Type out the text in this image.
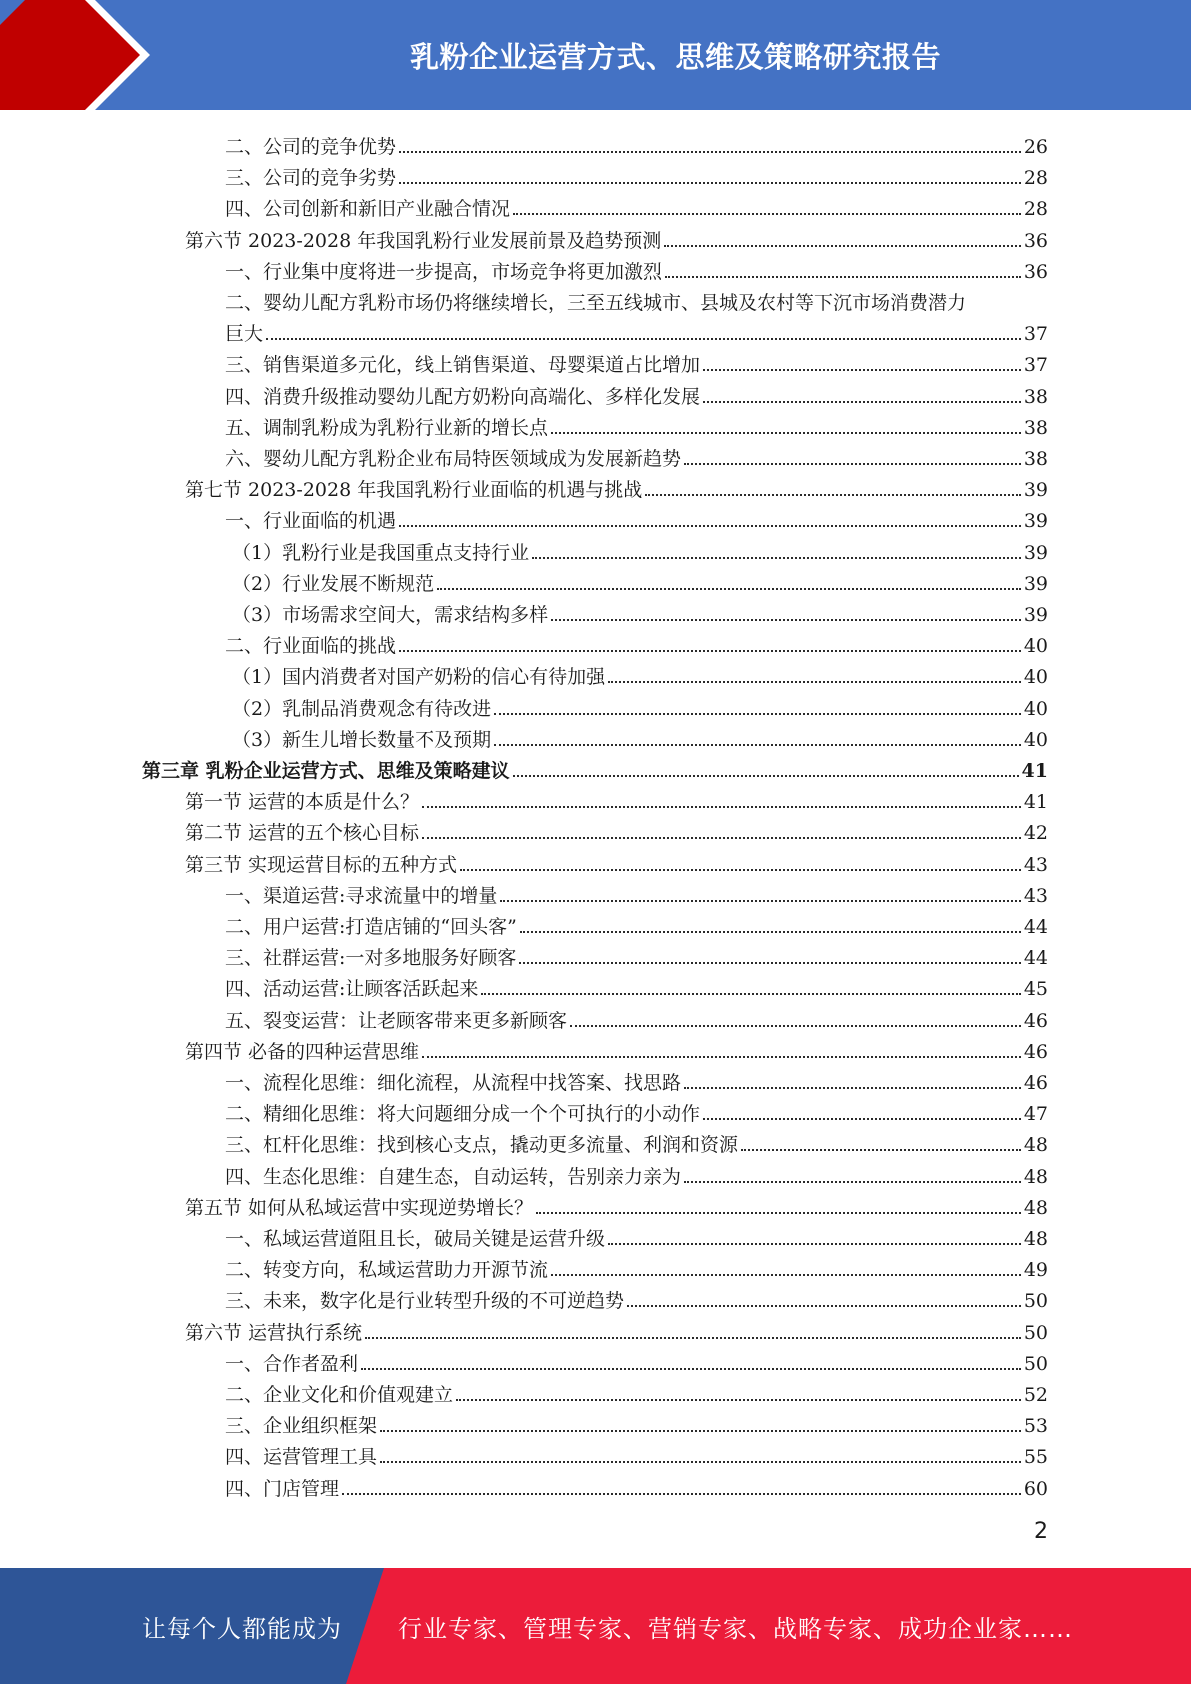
乳粉企业运营方式、思维及策略研究报告
二、公司的竞争优势	26
三、公司的竞争劣势	28
四、公司创新和新旧产业融合情况	28
第六节 2023-2028 年我国乳粉行业发展前景及趋势预测	36
一、行业集中度将进一步提高，市场竞争将更加激烈	36
二、婴幼儿配方乳粉市场仍将继续增长，三至五线城市、县城及农村等下沉市场消费潜力
巨大	37
三、销售渠道多元化，线上销售渠道、母婴渠道占比增加	37
四、消费升级推动婴幼儿配方奶粉向高端化、多样化发展	38
五、调制乳粉成为乳粉行业新的增长点	38
六、婴幼儿配方乳粉企业布局特医领域成为发展新趋势	38
第七节 2023-2028 年我国乳粉行业面临的机遇与挑战	39
一、行业面临的机遇	39
（1）乳粉行业是我国重点支持行业	39
（2）行业发展不断规范	39
（3）市场需求空间大，需求结构多样	39
二、行业面临的挑战	40
（1）国内消费者对国产奶粉的信心有待加强	40
（2）乳制品消费观念有待改进	40
（3）新生儿增长数量不及预期	40
第三章 乳粉企业运营方式、思维及策略建议	41
第一节 运营的本质是什么？	41
第二节 运营的五个核心目标	42
第三节 实现运营目标的五种方式	43
一、渠道运营:寻求流量中的增量	43
二、用户运营:打造店铺的“回头客”	44
三、社群运营:一对多地服务好顾客	44
四、活动运营:让顾客活跃起来	45
五、裂变运营：让老顾客带来更多新顾客	46
第四节 必备的四种运营思维	46
一、流程化思维：细化流程，从流程中找答案、找思路	46
二、精细化思维：将大问题细分成一个个可执行的小动作	47
三、杠杆化思维：找到核心支点，撬动更多流量、利润和资源	48
四、生态化思维：自建生态，自动运转，告别亲力亲为	48
第五节 如何从私域运营中实现逆势增长？	48
一、私域运营道阻且长，破局关键是运营升级	48
二、转变方向，私域运营助力开源节流	49
三、未来，数字化是行业转型升级的不可逆趋势	50
第六节 运营执行系统	50
一、合作者盈利	50
二、企业文化和价值观建立	52
三、企业组织框架	53
四、运营管理工具	55
四、门店管理	60
2
让每个人都能成为 行业专家、管理专家、营销专家、战略专家、成功企业家……
